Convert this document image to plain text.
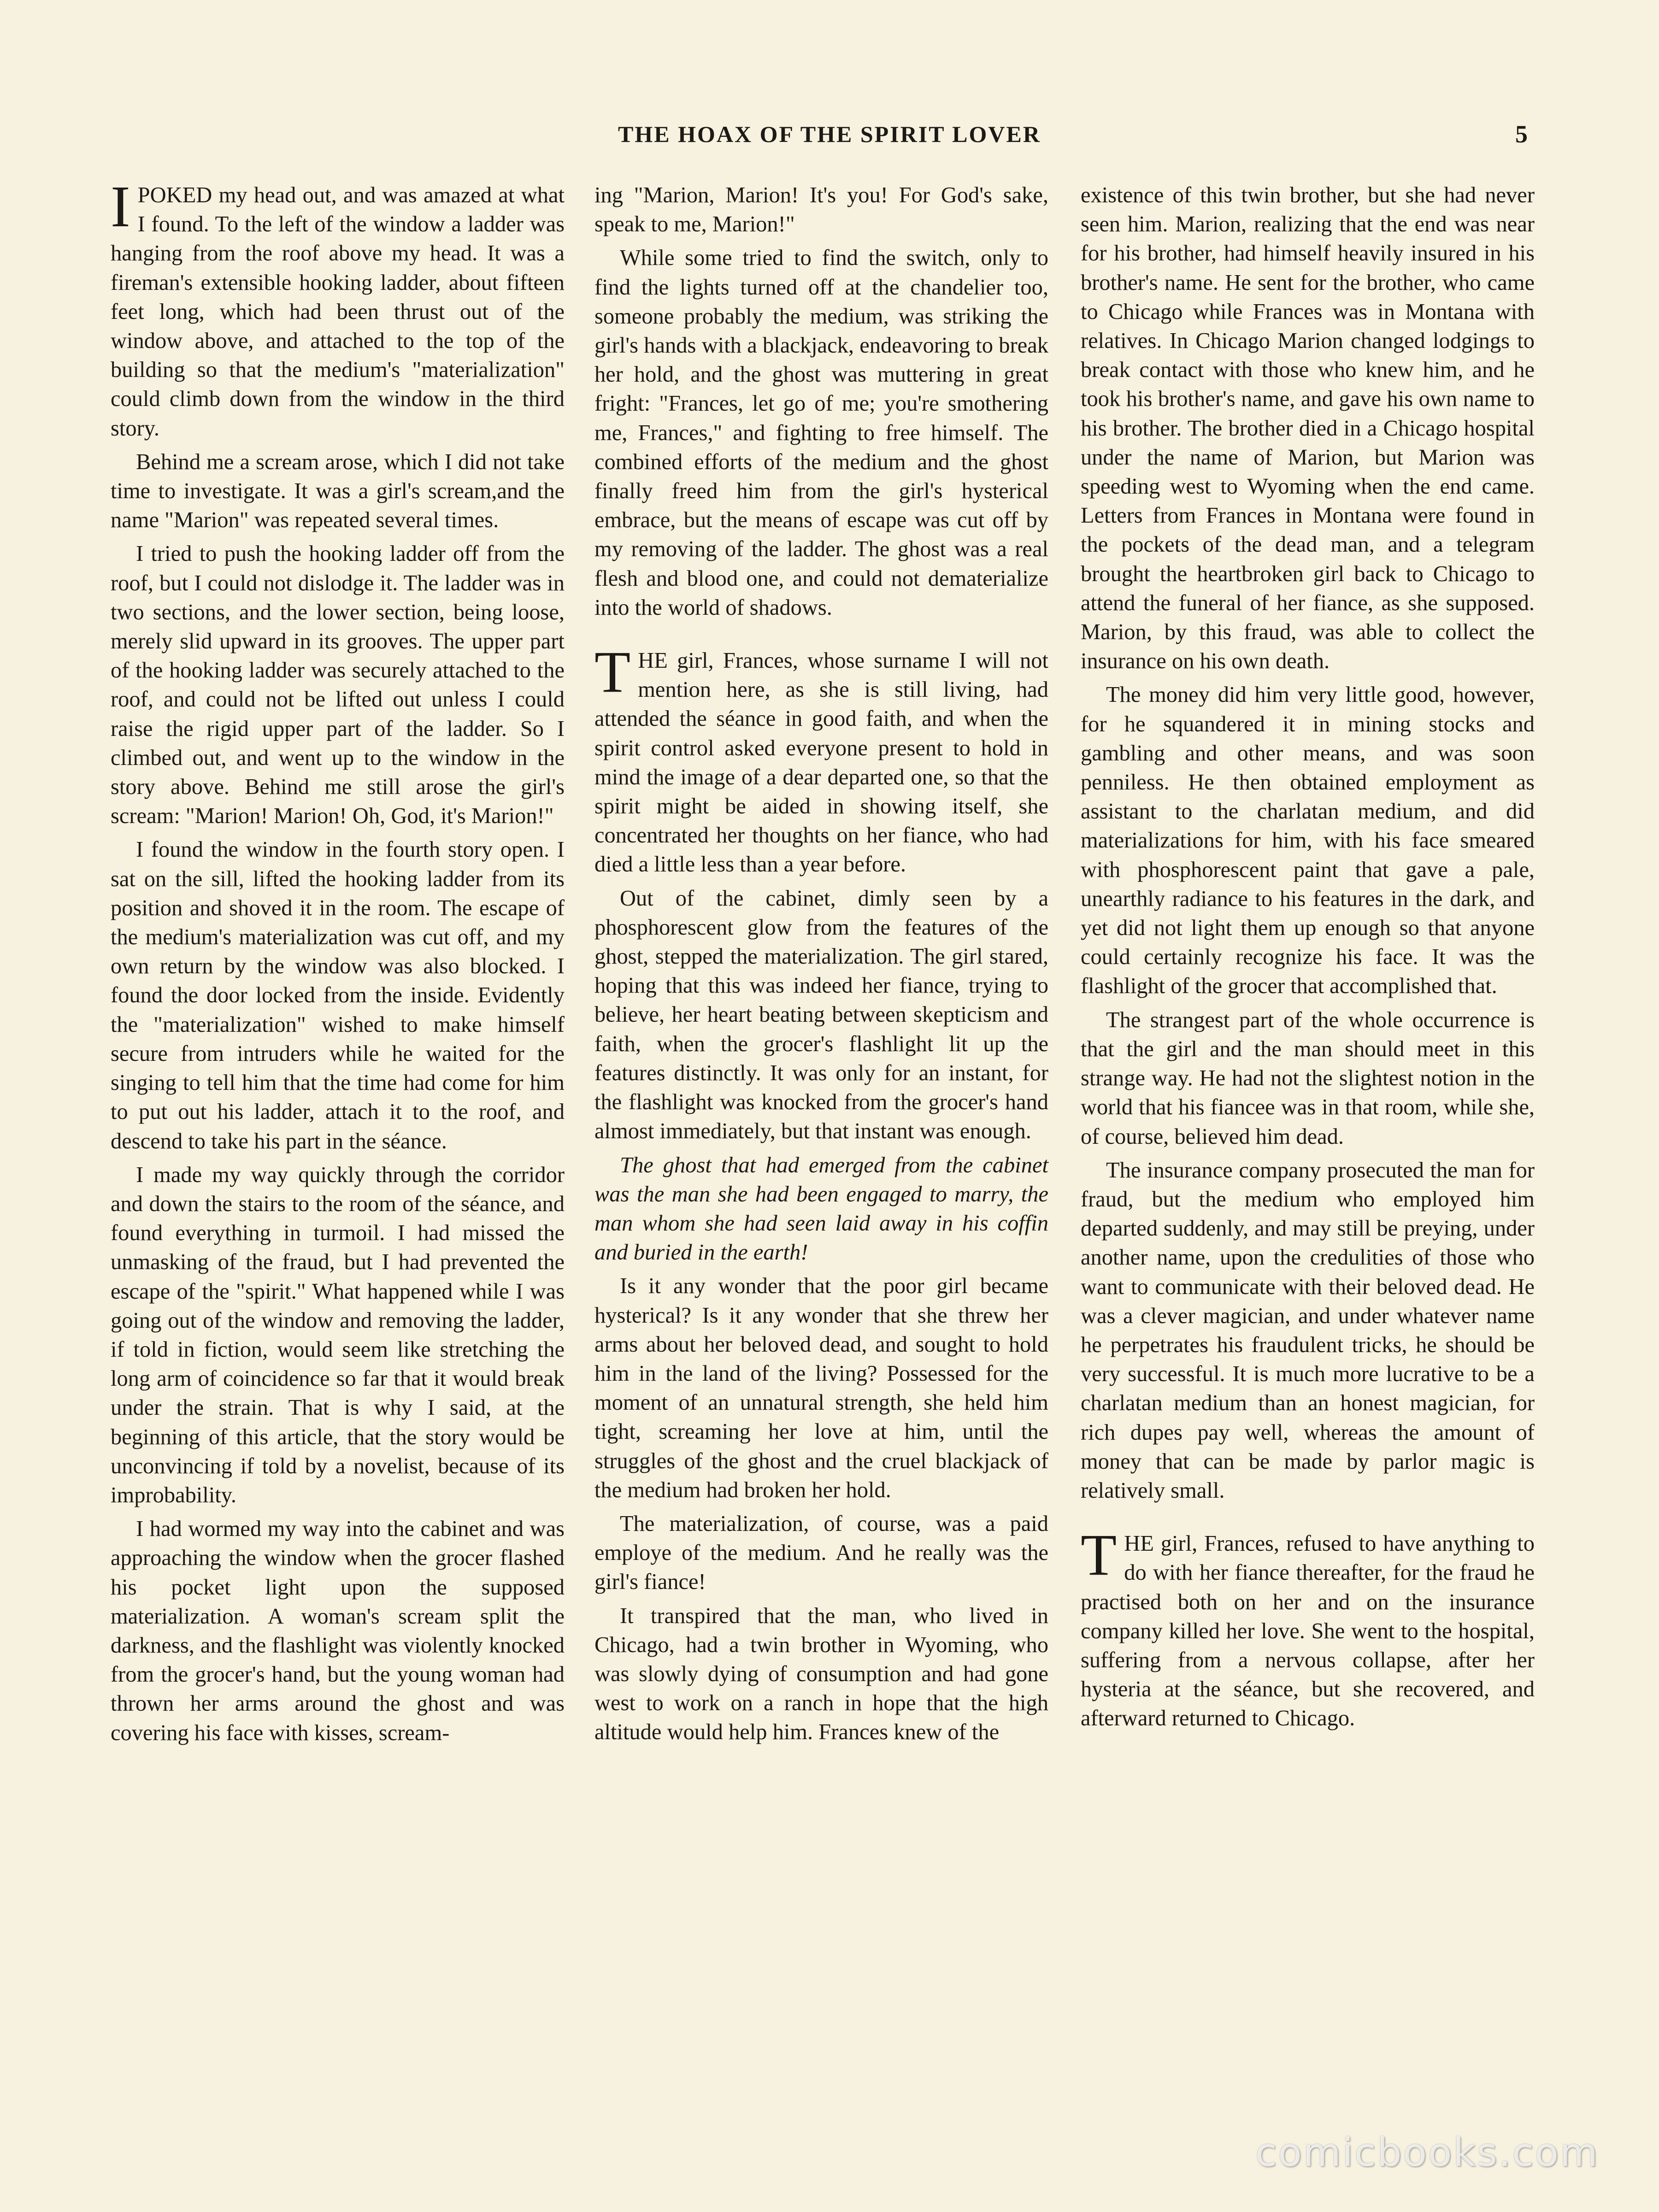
THE HOAX OF THE SPIRIT LOVER	5

I POKED my head out, and was amazed at what I found. To the left of the window a ladder was hanging from the roof above my head. It was a fireman's extensible hooking ladder, about fifteen feet long, which had been thrust out of the window above, and attached to the top of the building so that the medium's "materialization" could climb down from the window in the third story.

Behind me a scream arose, which I did not take time to investigate. It was a girl's scream,and the name "Marion" was repeated several times.

I tried to push the hooking ladder off from the roof, but I could not dislodge it. The ladder was in two sections, and the lower section, being loose, merely slid upward in its grooves. The upper part of the hooking ladder was securely attached to the roof, and could not be lifted out unless I could raise the rigid upper part of the ladder. So I climbed out, and went up to the window in the story above. Behind me still arose the girl's scream: "Marion! Marion! Oh, God, it's Marion!"

I found the window in the fourth story open. I sat on the sill, lifted the hooking ladder from its position and shoved it in the room. The escape of the medium's materialization was cut off, and my own return by the window was also blocked. I found the door locked from the inside. Evidently the "materialization" wished to make himself secure from intruders while he waited for the singing to tell him that the time had come for him to put out his ladder, attach it to the roof, and descend to take his part in the séance.

I made my way quickly through the corridor and down the stairs to the room of the séance, and found everything in turmoil. I had missed the unmasking of the fraud, but I had prevented the escape of the "spirit." What happened while I was going out of the window and removing the ladder, if told in fiction, would seem like stretching the long arm of coincidence so far that it would break under the strain. That is why I said, at the beginning of this article, that the story would be unconvincing if told by a novelist, because of its improbability.

I had wormed my way into the cabinet and was approaching the window when the grocer flashed his pocket light upon the supposed materialization. A woman's scream split the darkness, and the flashlight was violently knocked from the grocer's hand, but the young woman had thrown her arms around the ghost and was covering his face with kisses, scream-

ing "Marion, Marion! It's you! For God's sake, speak to me, Marion!"

While some tried to find the switch, only to find the lights turned off at the chandelier too, someone probably the medium, was striking the girl's hands with a blackjack, endeavoring to break her hold, and the ghost was muttering in great fright: "Frances, let go of me; you're smothering me, Frances," and fighting to free himself. The combined efforts of the medium and the ghost finally freed him from the girl's hysterical embrace, but the means of escape was cut off by my removing of the ladder. The ghost was a real flesh and blood one, and could not dematerialize into the world of shadows.

THE girl, Frances, whose surname I will not mention here, as she is still living, had attended the séance in good faith, and when the spirit control asked everyone present to hold in mind the image of a dear departed one, so that the spirit might be aided in showing itself, she concentrated her thoughts on her fiance, who had died a little less than a year before.

Out of the cabinet, dimly seen by a phosphorescent glow from the features of the ghost, stepped the materialization. The girl stared, hoping that this was indeed her fiance, trying to believe, her heart beating between skepticism and faith, when the grocer's flashlight lit up the features distinctly. It was only for an instant, for the flashlight was knocked from the grocer's hand almost immediately, but that instant was enough.

The ghost that had emerged from the cabinet was the man she had been engaged to marry, the man whom she had seen laid away in his coffin and buried in the earth!

Is it any wonder that the poor girl became hysterical? Is it any wonder that she threw her arms about her beloved dead, and sought to hold him in the land of the living? Possessed for the moment of an unnatural strength, she held him tight, screaming her love at him, until the struggles of the ghost and the cruel blackjack of the medium had broken her hold.

The materialization, of course, was a paid employe of the medium. And he really was the girl's fiance!

It transpired that the man, who lived in Chicago, had a twin brother in Wyoming, who was slowly dying of consumption and had gone west to work on a ranch in hope that the high altitude would help him. Frances knew of the

existence of this twin brother, but she had never seen him. Marion, realizing that the end was near for his brother, had himself heavily insured in his brother's name. He sent for the brother, who came to Chicago while Frances was in Montana with relatives. In Chicago Marion changed lodgings to break contact with those who knew him, and he took his brother's name, and gave his own name to his brother. The brother died in a Chicago hospital under the name of Marion, but Marion was speeding west to Wyoming when the end came. Letters from Frances in Montana were found in the pockets of the dead man, and a telegram brought the heartbroken girl back to Chicago to attend the funeral of her fiance, as she supposed. Marion, by this fraud, was able to collect the insurance on his own death.

The money did him very little good, however, for he squandered it in mining stocks and gambling and other means, and was soon penniless. He then obtained employment as assistant to the charlatan medium, and did materializations for him, with his face smeared with phosphorescent paint that gave a pale, unearthly radiance to his features in the dark, and yet did not light them up enough so that anyone could certainly recognize his face. It was the flashlight of the grocer that accomplished that.

The strangest part of the whole occurrence is that the girl and the man should meet in this strange way. He had not the slightest notion in the world that his fiancee was in that room, while she, of course, believed him dead.

The insurance company prosecuted the man for fraud, but the medium who employed him departed suddenly, and may still be preying, under another name, upon the credulities of those who want to communicate with their beloved dead. He was a clever magician, and under whatever name he perpetrates his fraudulent tricks, he should be very successful. It is much more lucrative to be a charlatan medium than an honest magician, for rich dupes pay well, whereas the amount of money that can be made by parlor magic is relatively small.

THE girl, Frances, refused to have anything to do with her fiance thereafter, for the fraud he practised both on her and on the insurance company killed her love. She went to the hospital, suffering from a nervous collapse, after her hysteria at the séance, but she recovered, and afterward returned to Chicago.

comicbooks.com
